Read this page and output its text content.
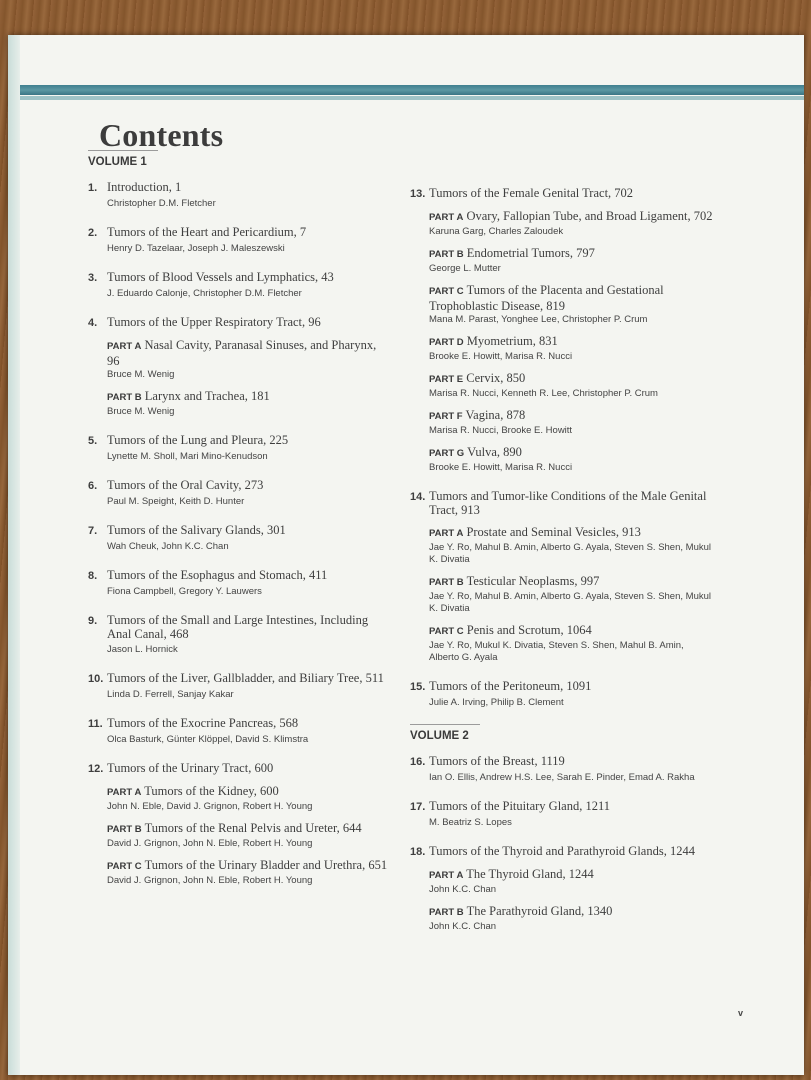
Contents
v
VOLUME 1
1. Introduction, 1
Christopher D.M. Fletcher
2. Tumors of the Heart and Pericardium, 7
Henry D. Tazelaar, Joseph J. Maleszewski
3. Tumors of Blood Vessels and Lymphatics, 43
J. Eduardo Calonje, Christopher D.M. Fletcher
4. Tumors of the Upper Respiratory Tract, 96
PART A Nasal Cavity, Paranasal Sinuses, and Pharynx, 96
Bruce M. Wenig
PART B Larynx and Trachea, 181
Bruce M. Wenig
5. Tumors of the Lung and Pleura, 225
Lynette M. Sholl, Mari Mino-Kenudson
6. Tumors of the Oral Cavity, 273
Paul M. Speight, Keith D. Hunter
7. Tumors of the Salivary Glands, 301
Wah Cheuk, John K.C. Chan
8. Tumors of the Esophagus and Stomach, 411
Fiona Campbell, Gregory Y. Lauwers
9. Tumors of the Small and Large Intestines, Including Anal Canal, 468
Jason L. Hornick
10. Tumors of the Liver, Gallbladder, and Biliary Tree, 511
Linda D. Ferrell, Sanjay Kakar
11. Tumors of the Exocrine Pancreas, 568
Olca Basturk, Günter Klöppel, David S. Klimstra
12. Tumors of the Urinary Tract, 600
PART A Tumors of the Kidney, 600
John N. Eble, David J. Grignon, Robert H. Young
PART B Tumors of the Renal Pelvis and Ureter, 644
David J. Grignon, John N. Eble, Robert H. Young
PART C Tumors of the Urinary Bladder and Urethra, 651
David J. Grignon, John N. Eble, Robert H. Young
13. Tumors of the Female Genital Tract, 702
PART A Ovary, Fallopian Tube, and Broad Ligament, 702
Karuna Garg, Charles Zaloudek
PART B Endometrial Tumors, 797
George L. Mutter
PART C Tumors of the Placenta and Gestational Trophoblastic Disease, 819
Mana M. Parast, Yonghee Lee, Christopher P. Crum
PART D Myometrium, 831
Brooke E. Howitt, Marisa R. Nucci
PART E Cervix, 850
Marisa R. Nucci, Kenneth R. Lee, Christopher P. Crum
PART F Vagina, 878
Marisa R. Nucci, Brooke E. Howitt
PART G Vulva, 890
Brooke E. Howitt, Marisa R. Nucci
14. Tumors and Tumor-like Conditions of the Male Genital Tract, 913
PART A Prostate and Seminal Vesicles, 913
Jae Y. Ro, Mahul B. Amin, Alberto G. Ayala, Steven S. Shen, Mukul K. Divatia
PART B Testicular Neoplasms, 997
Jae Y. Ro, Mahul B. Amin, Alberto G. Ayala, Steven S. Shen, Mukul K. Divatia
PART C Penis and Scrotum, 1064
Jae Y. Ro, Mukul K. Divatia, Steven S. Shen, Mahul B. Amin, Alberto G. Ayala
15. Tumors of the Peritoneum, 1091
Julie A. Irving, Philip B. Clement
VOLUME 2
16. Tumors of the Breast, 1119
Ian O. Ellis, Andrew H.S. Lee, Sarah E. Pinder, Emad A. Rakha
17. Tumors of the Pituitary Gland, 1211
M. Beatriz S. Lopes
18. Tumors of the Thyroid and Parathyroid Glands, 1244
PART A The Thyroid Gland, 1244
John K.C. Chan
PART B The Parathyroid Gland, 1340
John K.C. Chan
